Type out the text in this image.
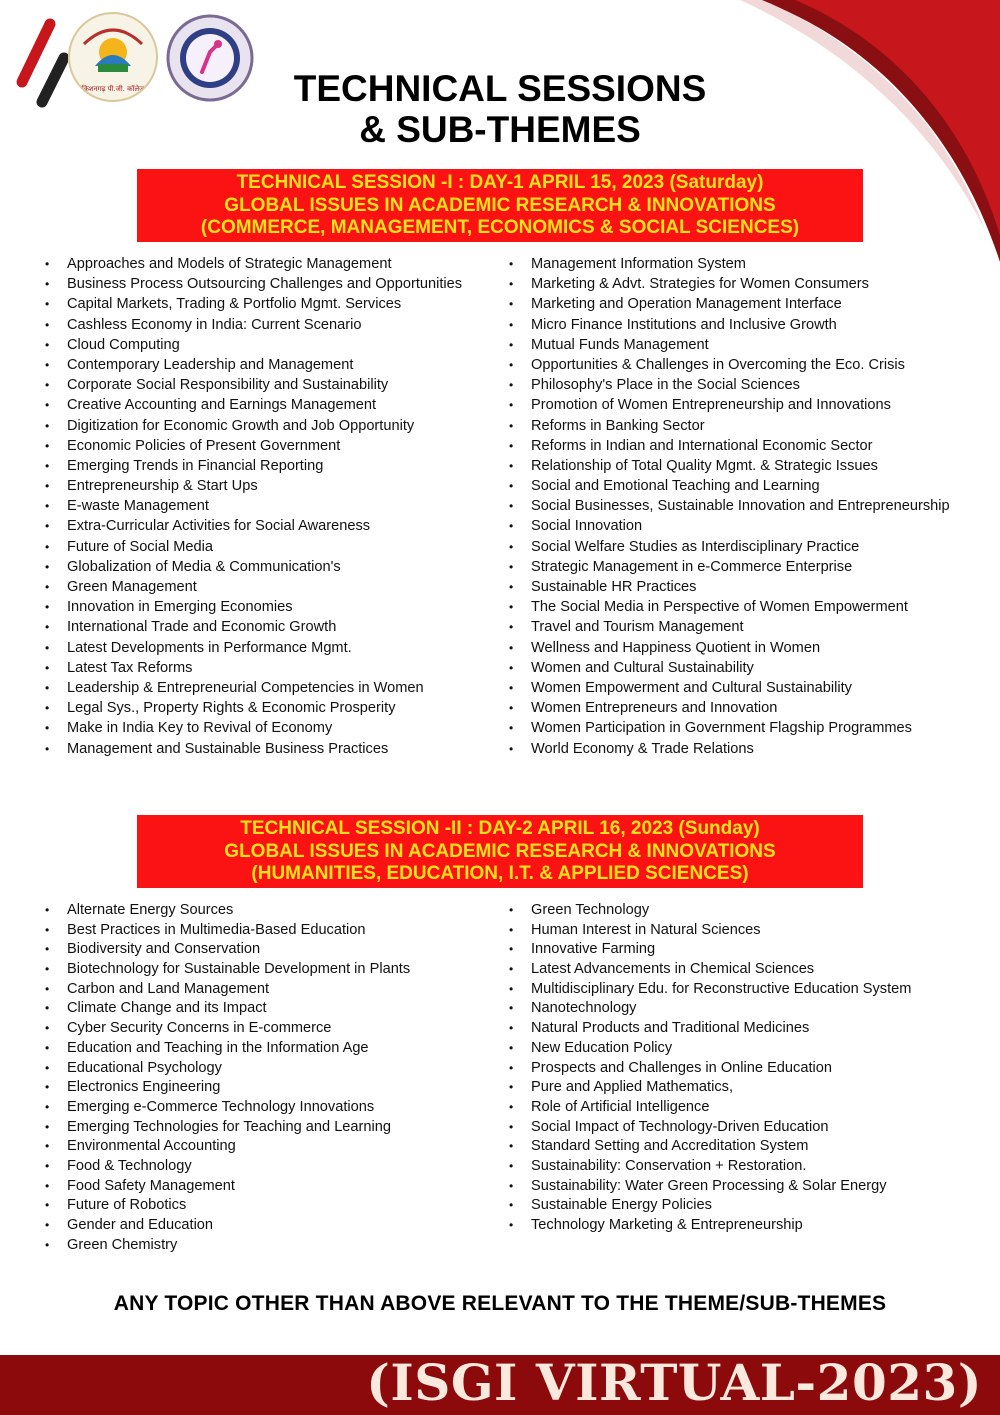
किशनगढ़ पी.जी. कॉलेज	TECHNICAL SESSIONS
& SUB-THEMES
TECHNICAL SESSION -I : DAY-1 APRIL 15, 2023 (Saturday)
GLOBAL ISSUES IN ACADEMIC RESEARCH & INNOVATIONS
(COMMERCE, MANAGEMENT, ECONOMICS & SOCIAL SCIENCES)
• Approaches and Models of Strategic Management
• Business Process Outsourcing Challenges and Opportunities
• Capital Markets, Trading & Portfolio Mgmt. Services
• Cashless Economy in India: Current Scenario
• Cloud Computing
• Contemporary Leadership and Management
• Corporate Social Responsibility and Sustainability
• Creative Accounting and Earnings Management
• Digitization for Economic Growth and Job Opportunity
• Economic Policies of Present Government
• Emerging Trends in Financial Reporting
• Entrepreneurship & Start Ups
• E-waste Management
• Extra-Curricular Activities for Social Awareness
• Future of Social Media
• Globalization of Media & Communication's
• Green Management
• Innovation in Emerging Economies
• International Trade and Economic Growth
• Latest Developments in Performance Mgmt.
• Latest Tax Reforms
• Leadership & Entrepreneurial Competencies in Women
• Legal Sys., Property Rights & Economic Prosperity
• Make in India Key to Revival of Economy
• Management and Sustainable Business Practices
• Management Information System
• Marketing & Advt. Strategies for Women Consumers
• Marketing and Operation Management Interface
• Micro Finance Institutions and Inclusive Growth
• Mutual Funds Management
• Opportunities & Challenges in Overcoming the Eco. Crisis
• Philosophy's Place in the Social Sciences
• Promotion of Women Entrepreneurship and Innovations
• Reforms in Banking Sector
• Reforms in Indian and International Economic Sector
• Relationship of Total Quality Mgmt. & Strategic Issues
• Social and Emotional Teaching and Learning
• Social Businesses, Sustainable Innovation and Entrepreneurship
• Social Innovation
• Social Welfare Studies as Interdisciplinary Practice
• Strategic Management in e-Commerce Enterprise
• Sustainable HR Practices
• The Social Media in Perspective of Women Empowerment
• Travel and Tourism Management
• Wellness and Happiness Quotient in Women
• Women and Cultural Sustainability
• Women Empowerment and Cultural Sustainability
• Women Entrepreneurs and Innovation
• Women Participation in Government Flagship Programmes
• World Economy & Trade Relations
TECHNICAL SESSION -II : DAY-2 APRIL 16, 2023 (Sunday)
GLOBAL ISSUES IN ACADEMIC RESEARCH & INNOVATIONS
(HUMANITIES, EDUCATION, I.T. & APPLIED SCIENCES)
• Alternate Energy Sources
• Best Practices in Multimedia-Based Education
• Biodiversity and Conservation
• Biotechnology for Sustainable Development in Plants
• Carbon and Land Management
• Climate Change and its Impact
• Cyber Security Concerns in E-commerce
• Education and Teaching in the Information Age
• Educational Psychology
• Electronics Engineering
• Emerging e-Commerce Technology Innovations
• Emerging Technologies for Teaching and Learning
• Environmental Accounting
• Food & Technology
• Food Safety Management
• Future of Robotics
• Gender and Education
• Green Chemistry
• Green Technology
• Human Interest in Natural Sciences
• Innovative Farming
• Latest Advancements in Chemical Sciences
• Multidisciplinary Edu. for Reconstructive Education System
• Nanotechnology
• Natural Products and Traditional Medicines
• New Education Policy
• Prospects and Challenges in Online Education
• Pure and Applied Mathematics,
• Role of Artificial Intelligence
• Social Impact of Technology-Driven Education
• Standard Setting and Accreditation System
• Sustainability: Conservation + Restoration.
• Sustainability: Water Green Processing & Solar Energy
• Sustainable Energy Policies
• Technology Marketing & Entrepreneurship
ANY TOPIC OTHER THAN ABOVE RELEVANT TO THE THEME/SUB-THEMES
(ISGI VIRTUAL-2023)
